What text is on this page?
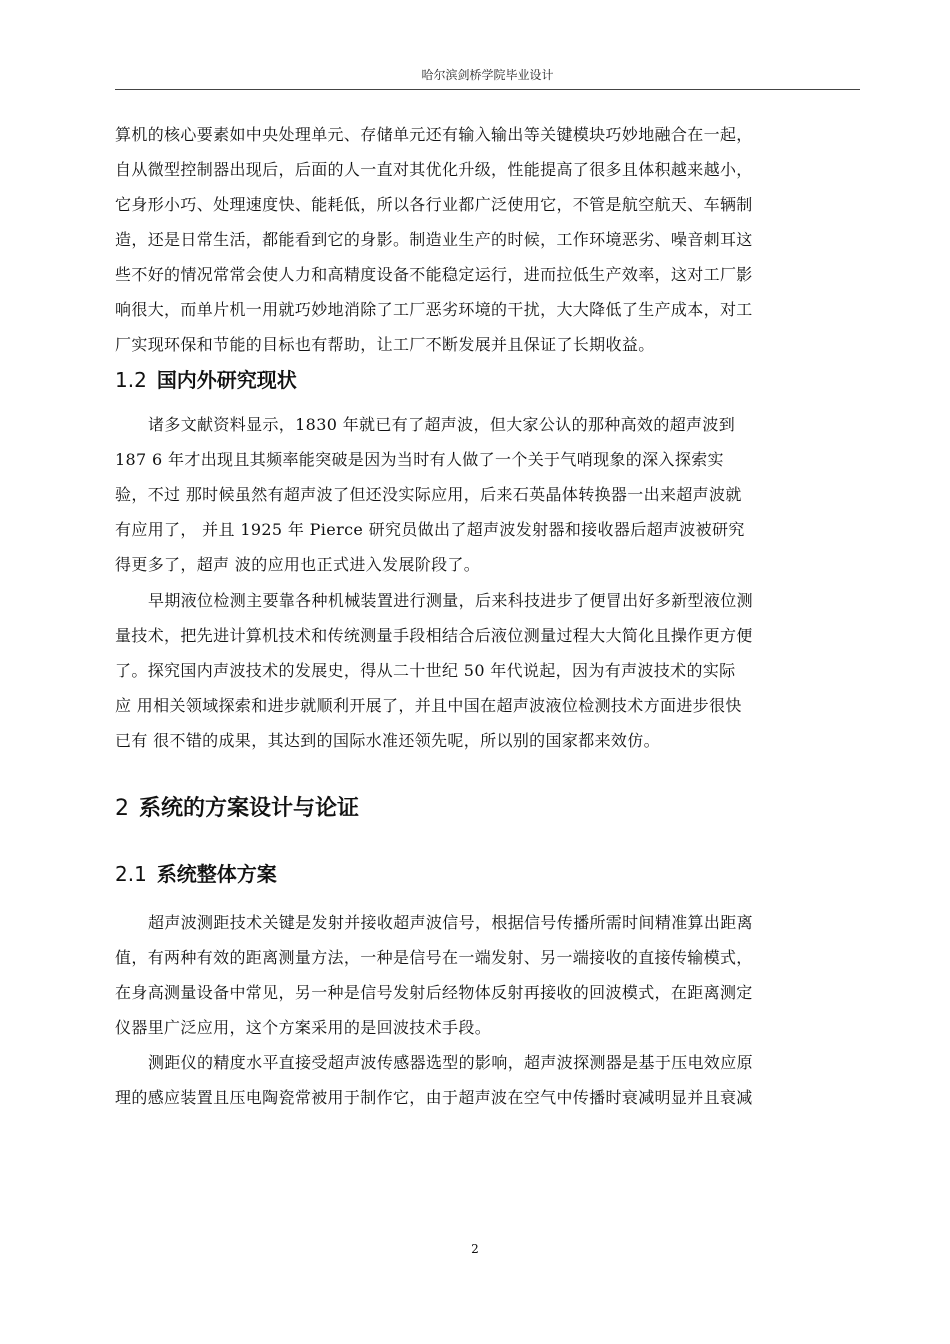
哈尔滨剑桥学院毕业设计
算机的核心要素如中央处理单元、存储单元还有输入输出等关键模块巧妙地融合在一起，
自从微型控制器出现后，后面的人一直对其优化升级，性能提高了很多且体积越来越小，
它身形小巧、处理速度快、能耗低，所以各行业都广泛使用它，不管是航空航天、车辆制
造，还是日常生活，都能看到它的身影。制造业生产的时候，工作环境恶劣、噪音刺耳这
些不好的情况常常会使人力和高精度设备不能稳定运行，进而拉低生产效率，这对工厂影
响很大，而单片机一用就巧妙地消除了工厂恶劣环境的干扰，大大降低了生产成本，对工
厂实现环保和节能的目标也有帮助，让工厂不断发展并且保证了长期收益。
1.2 国内外研究现状
诸多文献资料显示，1830 年就已有了超声波，但大家公认的那种高效的超声波到
187 6 年才出现且其频率能突破是因为当时有人做了一个关于气哨现象的深入探索实
验，不过 那时候虽然有超声波了但还没实际应用，后来石英晶体转换器一出来超声波就
有应用了， 并且 1925 年 Pierce 研究员做出了超声波发射器和接收器后超声波被研究
得更多了，超声 波的应用也正式进入发展阶段了。
早期液位检测主要靠各种机械装置进行测量，后来科技进步了便冒出好多新型液位测
量技术，把先进计算机技术和传统测量手段相结合后液位测量过程大大简化且操作更方便
了。探究国内声波技术的发展史，得从二十世纪 50 年代说起，因为有声波技术的实际
应 用相关领域探索和进步就顺利开展了，并且中国在超声波液位检测技术方面进步很快
已有 很不错的成果，其达到的国际水准还领先呢，所以别的国家都来效仿。
2 系统的方案设计与论证
2.1 系统整体方案
超声波测距技术关键是发射并接收超声波信号，根据信号传播所需时间精准算出距离
值，有两种有效的距离测量方法，一种是信号在一端发射、另一端接收的直接传输模式，
在身高测量设备中常见，另一种是信号发射后经物体反射再接收的回波模式，在距离测定
仪器里广泛应用，这个方案采用的是回波技术手段。
测距仪的精度水平直接受超声波传感器选型的影响，超声波探测器是基于压电效应原
理的感应装置且压电陶瓷常被用于制作它，由于超声波在空气中传播时衰减明显并且衰减
2
